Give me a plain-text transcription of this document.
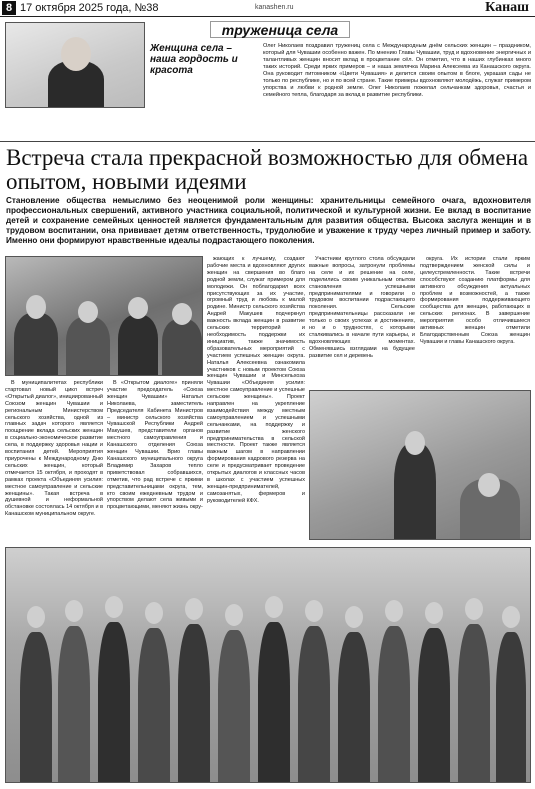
8 17 октября 2025 года, №38	kanashen.ru	Канаш
труженица села
Женщина села – наша гордость и красота
Олег Николаев поздравил тружениц села с Международным днём сельских женщин – праздником, который для Чувашии особенно важен. По мнению Главы Чувашии, труд и вдохновение энергичных и талантливых женщин вносит вклад в процветание сёл. Он отметил, что в наших глубинках много таких историй. Среди ярких примеров – и наша землячка Марина Алексеева из Канашского округа. Она руководит питомником «Цвети Чувашия» и делится своим опытом в блоге, украшая сады не только по республике, но и по всей стране. Такие примеры вдохновляют молодёжь, служат примером упорства и любви к родной земле. Олег Николаев пожелал сельчанкам здоровья, счастья и семейного тепла, благодаря за вклад в развитие республики.
Встреча стала прекрасной возможностью для обмена опытом, новыми идеями
Становление общества немыслимо без неоценимой роли женщины: хранительницы семейного очага, вдохновителя профессиональных свершений, активного участника социальной, политической и культурной жизни. Ее вклад в воспитание детей и сохранение семейных ценностей является фундаментальным для развития общества. Высока заслуга женщин и в трудовом воспитании, она прививает детям ответственность, трудолюбие и уважение к труду через личный пример и заботу. Именно они формируют нравственные идеалы подрастающего поколения.

В муниципалитетах республики стартовал новый цикл встреч «Открытый диалог», инициированный Союзом женщин Чувашии и региональным Министерством сельского хозяйства, одной из главных задач которого является поощрение вклада сельских женщин в социально-экономическое развитие села, в поддержку здоровья нации и воспитания детей. Мероприятия приурочены к Международному Дню сельских женщин, который отмечается 15 октября, и проходят в рамках проекта «Объединяя усилия: местное самоуправление и сельские женщины». Такая встреча в душевной и неформальной обстановке состоялась 14 октября и в Канашском муниципальном округе.

В «Открытом диалоге» приняли участие председатель «Союза женщин Чувашии» Наталья Николаева, заместитель Председателя Кабинета Министров – министр сельского хозяйства Чувашской Республики Андрей Макушев, представители органов местного самоуправления и Канашского отделения Союза женщин Чувашии. Врио главы Канашского муниципального округа Владимир Захаров тепло приветствовал собравшихся, отметив, что рад встрече с яркими представительницами округа, тем, кто своим ежедневным трудом и упорством делают села живыми и процветающими, меняют жизнь окру-

жающих к лучшему, создают рабочие места и вдохновляют других женщин на свершения во благо родной земли, служат примером для молодежи. Он поблагодарил всех присутствующих за их участие, огромный труд и любовь к малой родине. Министр сельского хозяйства Андрей Макушев подчеркнул важность вклада женщин в развитие сельских территорий и необходимость поддержки их инициатив, также значимость образовательных мероприятий с участием успешных женщин округа. Наталья Алексеевна ознакомила участников с новым проектом Союза женщин Чувашии и Минсельхоза Чувашии «Объединяя усилия: местное самоуправление и успешные сельские женщины». Проект направлен на укрепление взаимодействия между местным самоуправлением и успешными сельчанками, на поддержку и развитие женского предпринимательства в сельской местности. Проект также является важным шагом в направлении формирования кадрового резерва на селе и предусматривает проведение открытых диалогов и классных часов в школах с участием успешных женщин-предпринимателей, самозанятых, фермеров и руководителей КФХ.

Участники круглого стола обсуждали важные вопросы, затронули проблемы на селе и их решение на селе, поделились своим уникальным опытом становления успешными предпринимателями и говорили о трудовом воспитании подрастающего поколения. Сельские предпринимательницы рассказали не только о своих успехах и достижениях, но и о трудностях, с которыми сталкивались в начале пути карьеры, и вдохновляющих моментах. Обменявшись взглядами на будущее развитие сел и деревень

округа. Их истории стали ярким подтверждением женской силы и целеустремленности. Такие встречи способствуют созданию платформы для активного обсуждения актуальных проблем и возможностей, а также формирования поддерживающего сообщества для женщин, работающих в сельских регионах. В завершение мероприятия особо отличившиеся активных женщин отметили Благодарственным Союза женщин Чувашии и главы Канашского округа.
